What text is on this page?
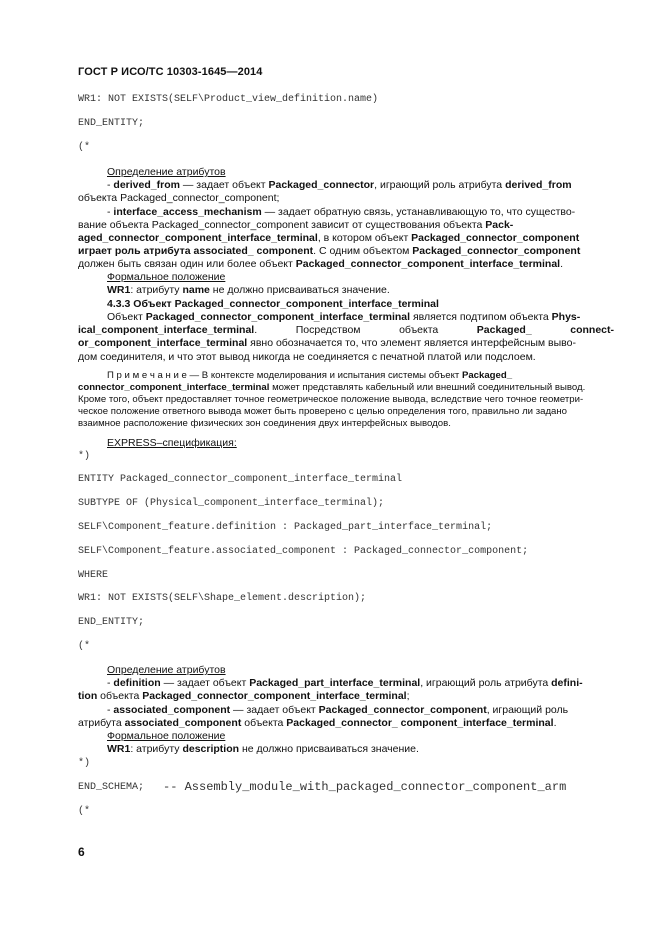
ГОСТ Р ИСО/ТС 10303-1645—2014
WR1: NOT EXISTS(SELF\Product_view_definition.name)
END_ENTITY;
(*
Определение атрибутов
- derived_from — задает объект Packaged_connector, играющий роль атрибута derived_from
объекта Packaged_connector_component;
- interface_access_mechanism — задает обратную связь, устанавливающую то, что существо-
вание объекта Packaged_connector_component зависит от существования объекта Pack-
aged_connector_component_interface_terminal, в котором объект Packaged_connector_component
играет роль атрибута associated_ component. С одним объектом Packaged_connector_component
должен быть связан один или более объект Packaged_connector_component_interface_terminal.
Формальное положение
WR1: атрибуту name не должно присваиваться значение.
4.3.3 Объект Packaged_connector_component_interface_terminal
Объект Packaged_connector_component_interface_terminal является подтипом объекта Phys-
ical_component_interface_terminal.	Посредством	объекта	Packaged_	connect-
or_component_interface_terminal явно обозначается то, что элемент является интерфейсным выво-
дом соединителя, и что этот вывод никогда не соединяется с печатной платой или подслоем.
П р и м е ч а н и е — В контексте моделирования и испытания системы объект Packaged_
connector_component_interface_terminal может представлять кабельный или внешний соединительный вывод.
Кроме того, объект предоставляет точное геометрическое положение вывода, вследствие чего точное геометри-
ческое положение ответного вывода может быть проверено с целью определения того, правильно ли задано
взаимное расположение физических зон соединения двух интерфейсных выводов.
EXPRESS–спецификация:
*)
ENTITY Packaged_connector_component_interface_terminal
SUBTYPE OF (Physical_component_interface_terminal);
SELF\Component_feature.definition : Packaged_part_interface_terminal;
SELF\Component_feature.associated_component : Packaged_connector_component;
WHERE
WR1: NOT EXISTS(SELF\Shape_element.description);
END_ENTITY;
(*
Определение атрибутов
- definition — задает объект Packaged_part_interface_terminal, играющий роль атрибута defini-
tion объекта Packaged_connector_component_interface_terminal;
- associated_component — задает объект Packaged_connector_component, играющий роль
атрибута associated_component объекта Packaged_connector_ component_interface_terminal.
Формальное положение
WR1: атрибуту description не должно присваиваться значение.
*)
END_SCHEMA; -- Assembly_module_with_packaged_connector_component_arm
(*
6
